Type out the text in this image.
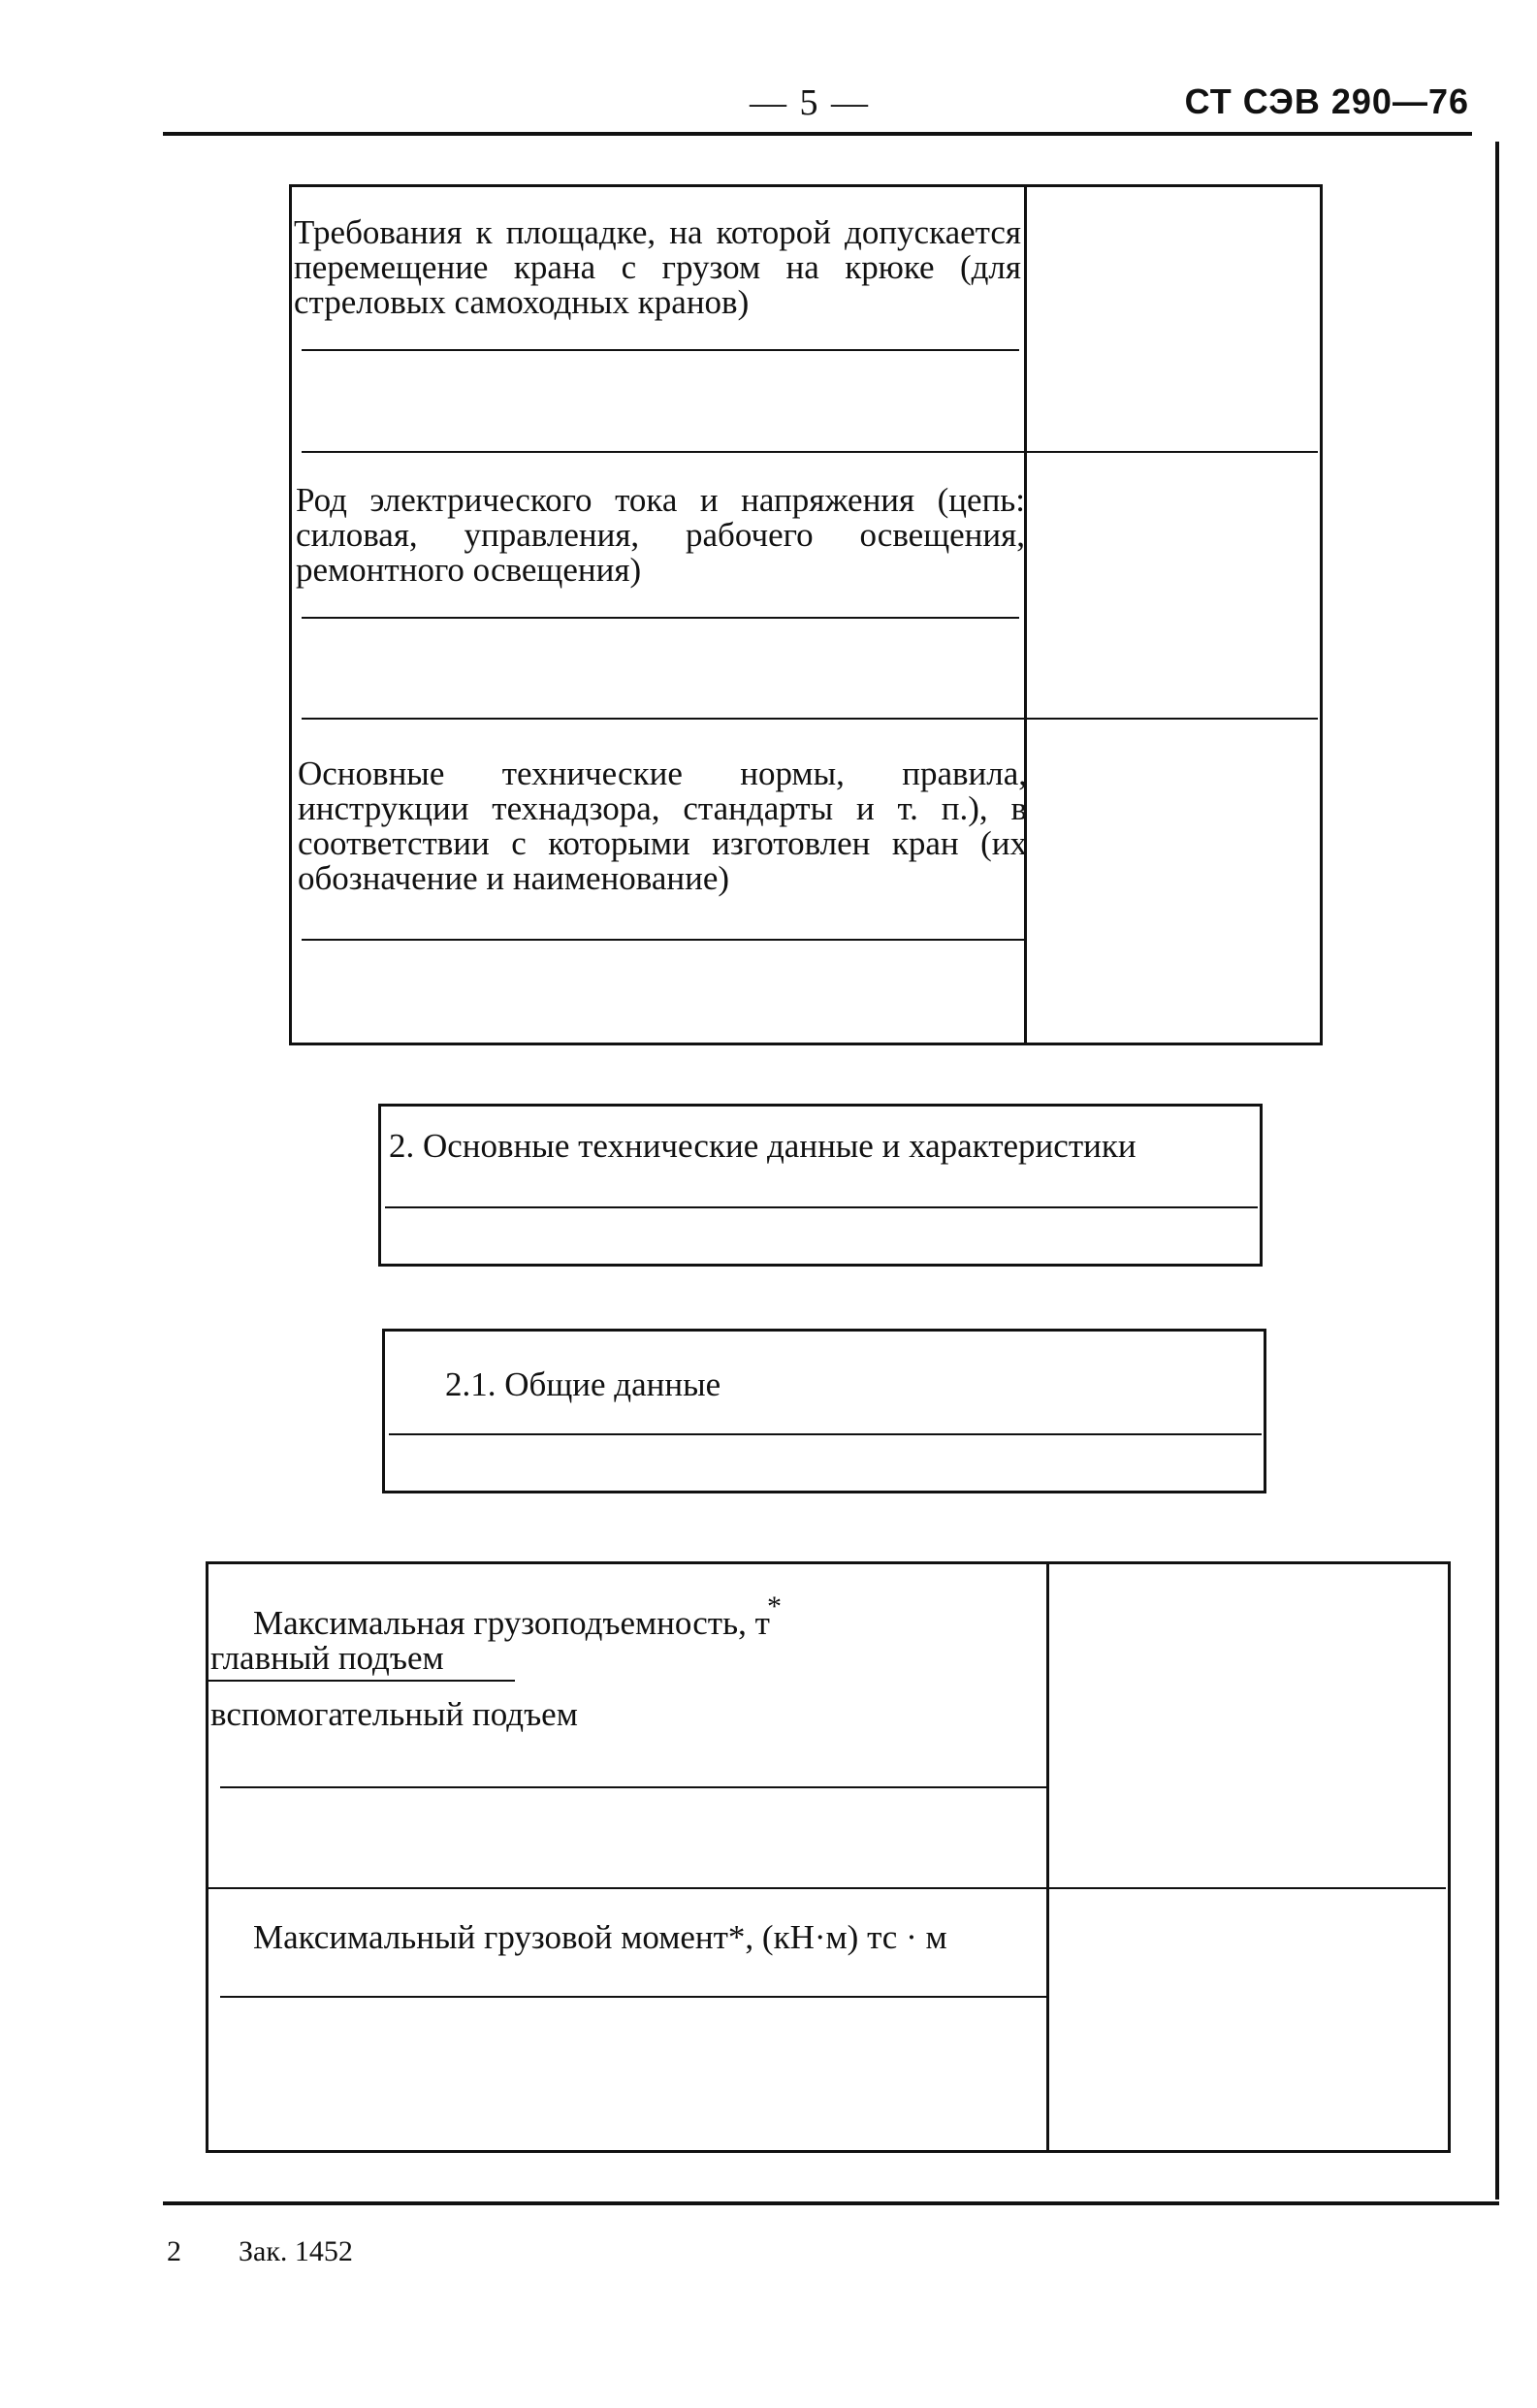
— 5 —	СТ СЭВ 290—76
Требования к площадке, на которой допускается перемещение крана с грузом на крюке (для стреловых самоходных кранов)
Род электрического тока и напряжения (цепь: силовая, управления, рабочего освещения, ремонтного освещения)
Основные технические нормы, правила, инструкции технадзора, стандарты и т. п.), в соответствии с которыми изготовлен кран (их обозначение и наименование)
2. Основные технические данные и характеристики
2.1. Общие данные
*
Максимальная грузоподъемность, т
главный подъем
вспомогательный подъем
Максимальный грузовой момент*, (кН·м) тс · м
2 Зак. 1452
